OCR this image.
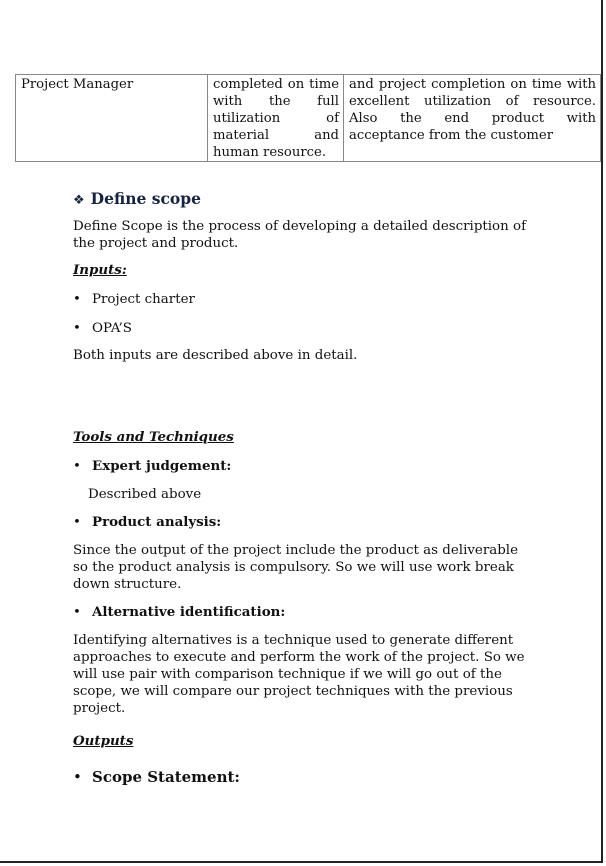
Project Manager	completed on time with the full utilization of material and human resource.	and project completion on time with excellent utilization of resource. Also the end product with acceptance from the customer
❖ Define scope
Define Scope is the process of developing a detailed description of the project and product.
Inputs:
• Project charter
• OPA’S
Both inputs are described above in detail.
Tools and Techniques
• Expert judgement:
Described above
• Product analysis:
Since the output of the project include the product as deliverable so the product analysis is compulsory. So we will use work break down structure.
• Alternative identification:
Identifying alternatives is a technique used to generate different approaches to execute and perform the work of the project. So we will use pair with comparison technique if we will go out of the scope, we will compare our project techniques with the previous project.
Outputs
• Scope Statement:
